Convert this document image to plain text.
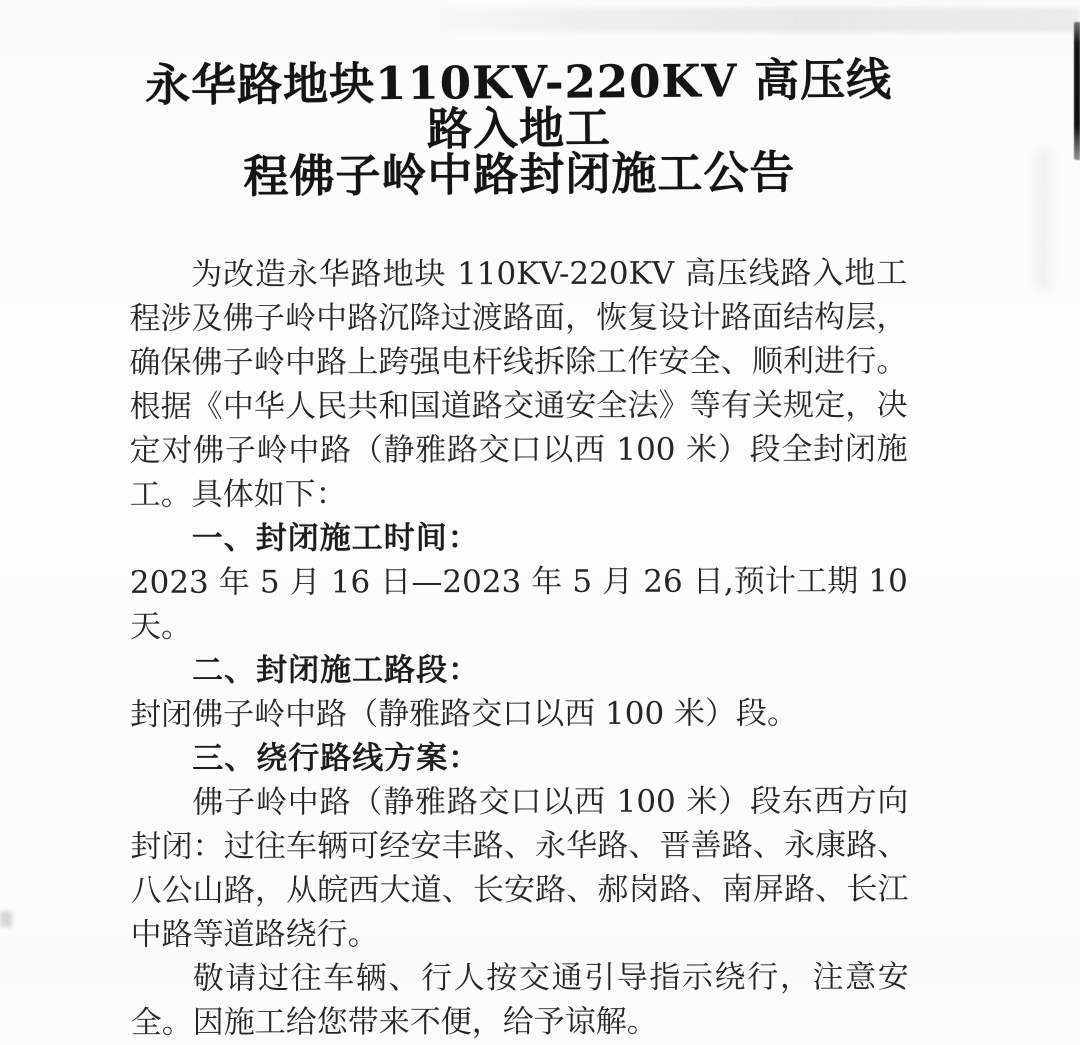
永华路地块110KV-220KV 高压线路入地工
程佛子岭中路封闭施工公告

为改造永华路地块 110KV-220KV 高压线路入地工程涉及佛子岭中路沉降过渡路面，恢复设计路面结构层，确保佛子岭中路上跨强电杆线拆除工作安全、顺利进行。根据《中华人民共和国道路交通安全法》等有关规定，决定对佛子岭中路（静雅路交口以西 100 米）段全封闭施工。具体如下：

一、封闭施工时间：

2023 年 5 月 16 日—2023 年 5 月 26 日,预计工期 10 天。

二、封闭施工路段：

封闭佛子岭中路（静雅路交口以西 100 米）段。

三、绕行路线方案：

佛子岭中路（静雅路交口以西 100 米）段东西方向封闭：过往车辆可经安丰路、永华路、晋善路、永康路、八公山路，从皖西大道、长安路、郝岗路、南屏路、长江中路等道路绕行。

敬请过往车辆、行人按交通引导指示绕行，注意安全。因施工给您带来不便，给予谅解。
